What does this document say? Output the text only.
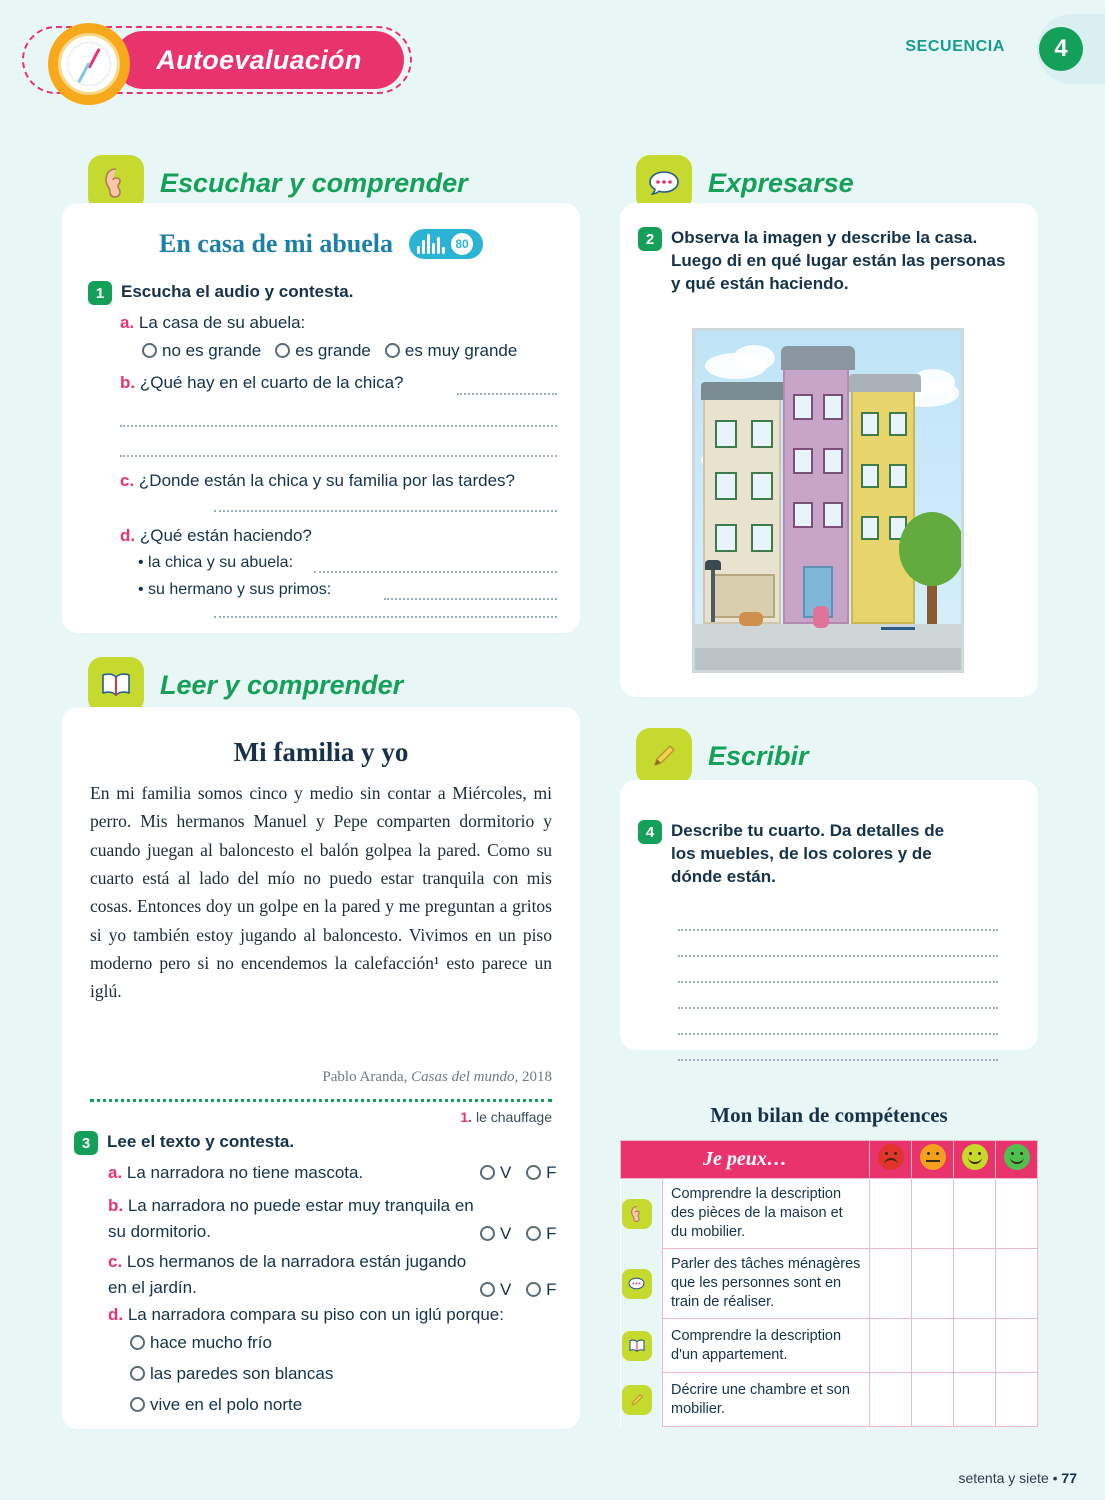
Autoevaluación	SECUENCIA	4
Escuchar y comprender
En casa de mi abuela	80
1 Escucha el audio y contesta.
a. La casa de su abuela:
no es grande	es grande	es muy grande
b. ¿Qué hay en el cuarto de la chica?
c. ¿Donde están la chica y su familia por las tardes?
d. ¿Qué están haciendo?
• la chica y su abuela:
• su hermano y sus primos:
Leer y comprender
Mi familia y yo
En mi familia somos cinco y medio sin contar a Miércoles, mi perro. Mis hermanos Manuel y Pepe comparten dormitorio y cuando juegan al baloncesto el balón golpea la pared. Como su cuarto está al lado del mío no puedo estar tranquila con mis cosas. Entonces doy un golpe en la pared y me preguntan a gritos si yo también estoy jugando al baloncesto. Vivimos en un piso moderno pero si no encendemos la calefacción¹ esto parece un iglú.
Pablo Aranda, Casas del mundo, 2018
1. le chauffage
3 Lee el texto y contesta.
a. La narradora no tiene mascota.	V F
b. La narradora no puede estar muy tranquila en su dormitorio.	V F
c. Los hermanos de la narradora están jugando en el jardín.	V F
d. La narradora compara su piso con un iglú porque:
hace mucho frío
las paredes son blancas
vive en el polo norte
Expresarse
2 Observa la imagen y describe la casa. Luego di en qué lugar están las personas y qué están haciendo.
Escribir
4 Describe tu cuarto. Da detalles de los muebles, de los colores y de dónde están.
Mon bilan de compétences
Je peux…		

	Comprendre la description des pièces de la maison et du mobilier.				

	Parler des tâches ménagères que les personnes sont en train de réaliser.				

	Comprendre la description d'un appartement.				

	Décrire une chambre et son mobilier.				
setenta y siete • 77
